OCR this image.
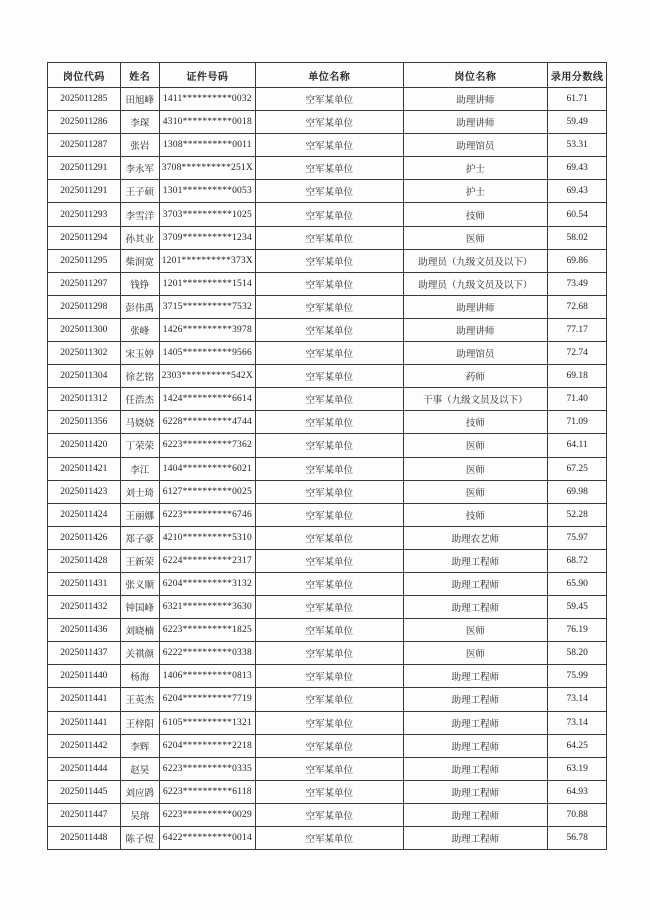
岗位代码	姓名	证件号码	单位名称	岗位名称	录用分数线
2025011285	田旭峰	1411**********0032	空军某单位	助理讲师	61.71
2025011286	李琛	4310**********0018	空军某单位	助理讲师	59.49
2025011287	张岩	1308**********0011	空军某单位	助理馆员	53.31
2025011291	李永军	3708**********251X	空军某单位	护士	69.43
2025011291	王子硕	1301**********0053	空军某单位	护士	69.43
2025011293	李雪洋	3703**********1025	空军某单位	技师	60.54
2025011294	孙其业	3709**********1234	空军某单位	医师	58.02
2025011295	柴润宽	1201**********373X	空军某单位	助理员（九级文员及以下）	69.86
2025011297	钱铮	1201**********1514	空军某单位	助理员（九级文员及以下）	73.49
2025011298	彭伟禹	3715**********7532	空军某单位	助理讲师	72.68
2025011300	张峰	1426**********3978	空军某单位	助理讲师	77.17
2025011302	宋玉婷	1405**********9566	空军某单位	助理馆员	72.74
2025011304	徐艺铭	2303**********542X	空军某单位	药师	69.18
2025011312	任浩杰	1424**********6614	空军某单位	干事（九级文员及以下）	71.40
2025011356	马娆娆	6228**********4744	空军某单位	技师	71.09
2025011420	丁荣荣	6223**********7362	空军某单位	医师	64.11
2025011421	李江	1404**********6021	空军某单位	医师	67.25
2025011423	刘士琦	6127**********0025	空军某单位	医师	69.98
2025011424	王丽娜	6223**********6746	空军某单位	技师	52.28
2025011426	郑子豪	4210**********5310	空军某单位	助理农艺师	75.97
2025011428	王新荣	6224**********2317	空军某单位	助理工程师	68.72
2025011431	张义顺	6204**********3132	空军某单位	助理工程师	65.90
2025011432	钟国峰	6321**********3630	空军某单位	助理工程师	59.45
2025011436	刘晓楠	6223**********1825	空军某单位	医师	76.19
2025011437	关祺颜	6222**********0338	空军某单位	医师	58.20
2025011440	杨海	1406**********0813	空军某单位	助理工程师	75.99
2025011441	王英杰	6204**********7719	空军某单位	助理工程师	73.14
2025011441	王梓阳	6105**********1321	空军某单位	助理工程师	73.14
2025011442	李辉	6204**********2218	空军某单位	助理工程师	64.25
2025011444	赵昊	6223**********0335	空军某单位	助理工程师	63.19
2025011445	刘应鹍	6223**********6118	空军某单位	助理工程师	64.93
2025011447	吴瑢	6223**********0029	空军某单位	助理工程师	70.88
2025011448	陈子煜	6422**********0014	空军某单位	助理工程师	56.78
